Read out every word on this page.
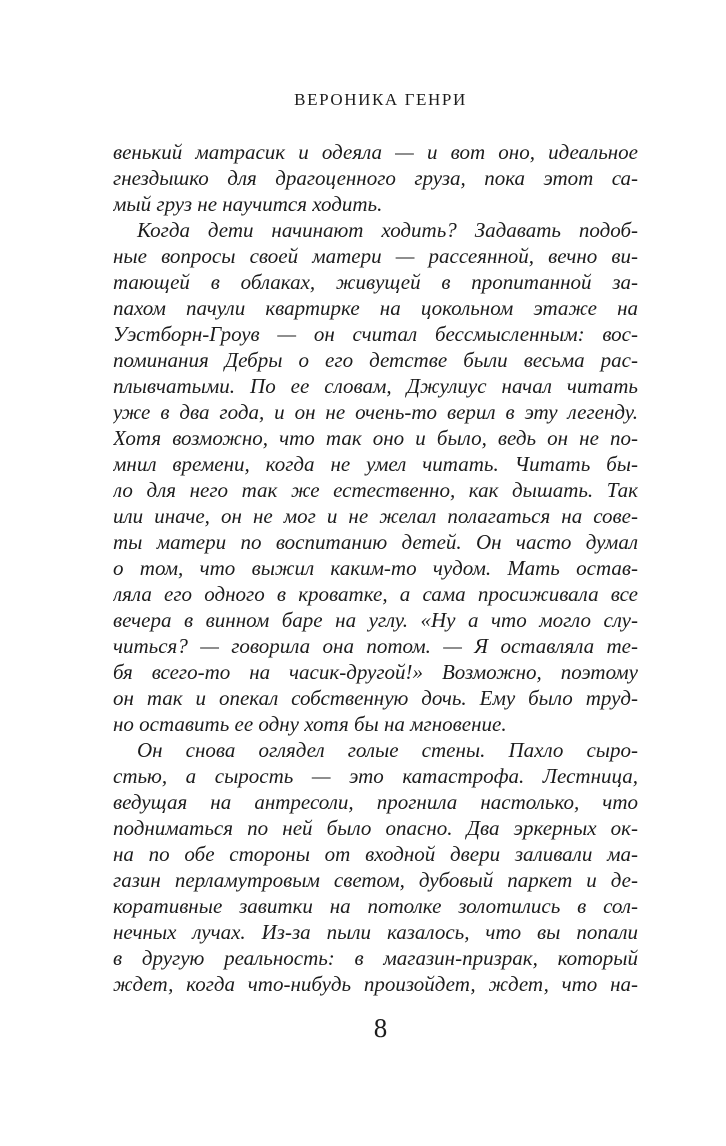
ВЕРОНИКА ГЕНРИ
венький матрасик и одеяла — и вот оно, идеальное
гнездышко для драгоценного груза, пока этот са-
мый груз не научится ходить.
Когда дети начинают ходить? Задавать подоб-
ные вопросы своей матери — рассеянной, вечно ви-
тающей в облаках, живущей в пропитанной за-
пахом пачули квартирке на цокольном этаже на
Уэстборн-Гроув — он считал бессмысленным: вос-
поминания Дебры о его детстве были весьма рас-
плывчатыми. По ее словам, Джулиус начал читать
уже в два года, и он не очень-то верил в эту легенду.
Хотя возможно, что так оно и было, ведь он не по-
мнил времени, когда не умел читать. Читать бы-
ло для него так же естественно, как дышать. Так
или иначе, он не мог и не желал полагаться на сове-
ты матери по воспитанию детей. Он часто думал
о том, что выжил каким-то чудом. Мать остав-
ляла его одного в кроватке, а сама просиживала все
вечера в винном баре на углу. «Ну а что могло слу-
читься? — говорила она потом. — Я оставляла те-
бя всего-то на часик-другой!» Возможно, поэтому
он так и опекал собственную дочь. Ему было труд-
но оставить ее одну хотя бы на мгновение.
Он снова оглядел голые стены. Пахло сыро-
стью, а сырость — это катастрофа. Лестница,
ведущая на антресоли, прогнила настолько, что
подниматься по ней было опасно. Два эркерных ок-
на по обе стороны от входной двери заливали ма-
газин перламутровым светом, дубовый паркет и де-
коративные завитки на потолке золотились в сол-
нечных лучах. Из-за пыли казалось, что вы попали
в другую реальность: в магазин-призрак, который
ждет, когда что-нибудь произойдет, ждет, что на-
8
